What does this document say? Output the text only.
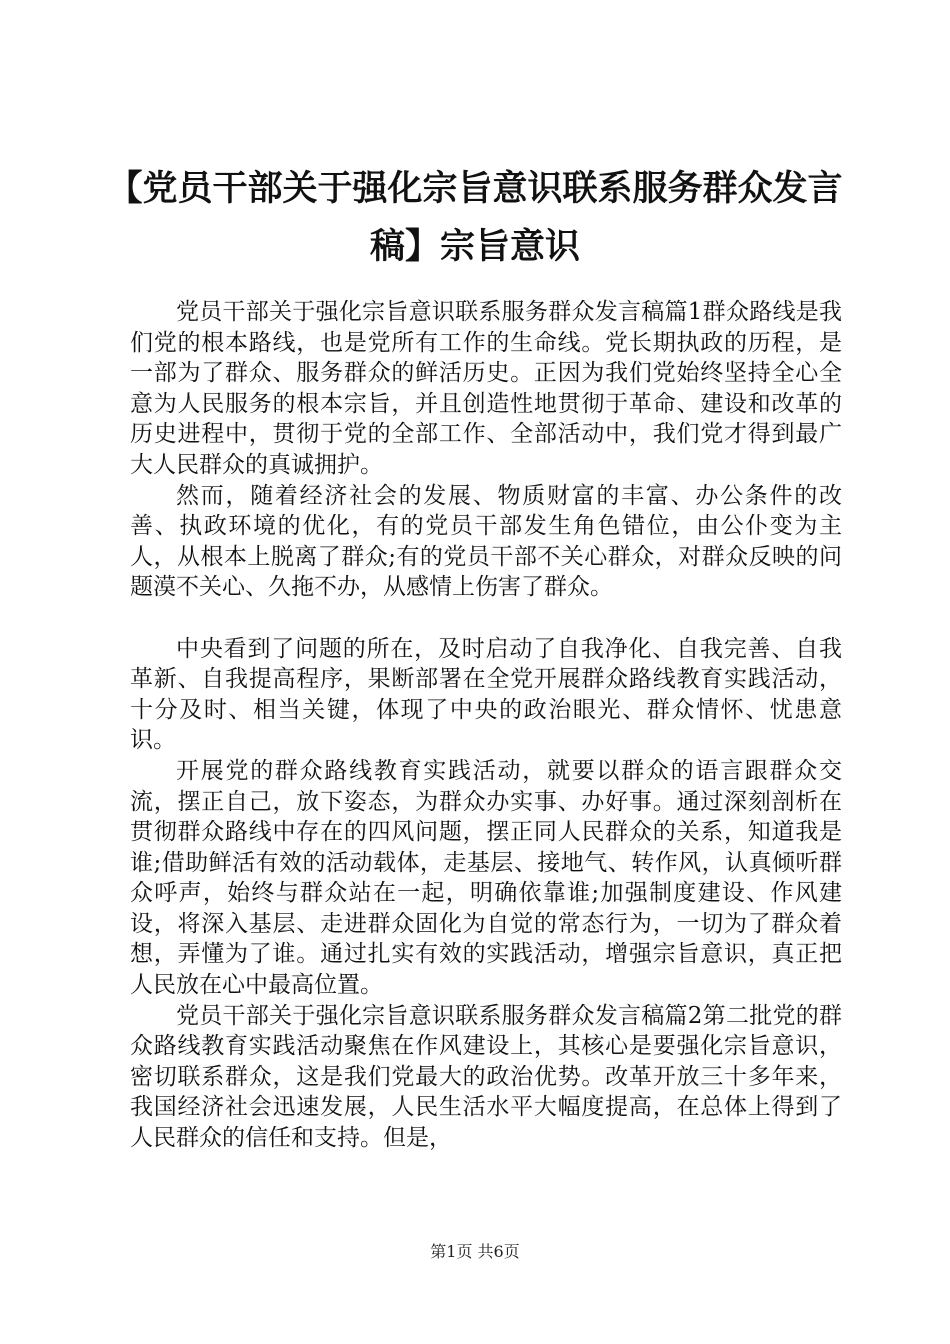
【党员干部关于强化宗旨意识联系服务群众发言稿】宗旨意识

党员干部关于强化宗旨意识联系服务群众发言稿篇1群众路线是我们党的根本路线，也是党所有工作的生命线。党长期执政的历程，是一部为了群众、服务群众的鲜活历史。正因为我们党始终坚持全心全意为人民服务的根本宗旨，并且创造性地贯彻于革命、建设和改革的历史进程中，贯彻于党的全部工作、全部活动中，我们党才得到最广大人民群众的真诚拥护。

然而，随着经济社会的发展、物质财富的丰富、办公条件的改善、执政环境的优化，有的党员干部发生角色错位，由公仆变为主人，从根本上脱离了群众;有的党员干部不关心群众，对群众反映的问题漠不关心、久拖不办，从感情上伤害了群众。

中央看到了问题的所在，及时启动了自我净化、自我完善、自我革新、自我提高程序，果断部署在全党开展群众路线教育实践活动，十分及时、相当关键，体现了中央的政治眼光、群众情怀、忧患意识。

开展党的群众路线教育实践活动，就要以群众的语言跟群众交流，摆正自己，放下姿态，为群众办实事、办好事。通过深刻剖析在贯彻群众路线中存在的四风问题，摆正同人民群众的关系，知道我是谁;借助鲜活有效的活动载体，走基层、接地气、转作风，认真倾听群众呼声，始终与群众站在一起，明确依靠谁;加强制度建设、作风建设，将深入基层、走进群众固化为自觉的常态行为，一切为了群众着想，弄懂为了谁。通过扎实有效的实践活动，增强宗旨意识，真正把人民放在心中最高位置。

党员干部关于强化宗旨意识联系服务群众发言稿篇2第二批党的群众路线教育实践活动聚焦在作风建设上，其核心是要强化宗旨意识，密切联系群众，这是我们党最大的政治优势。改革开放三十多年来，我国经济社会迅速发展，人民生活水平大幅度提高，在总体上得到了人民群众的信任和支持。但是，

第1页 共6页
